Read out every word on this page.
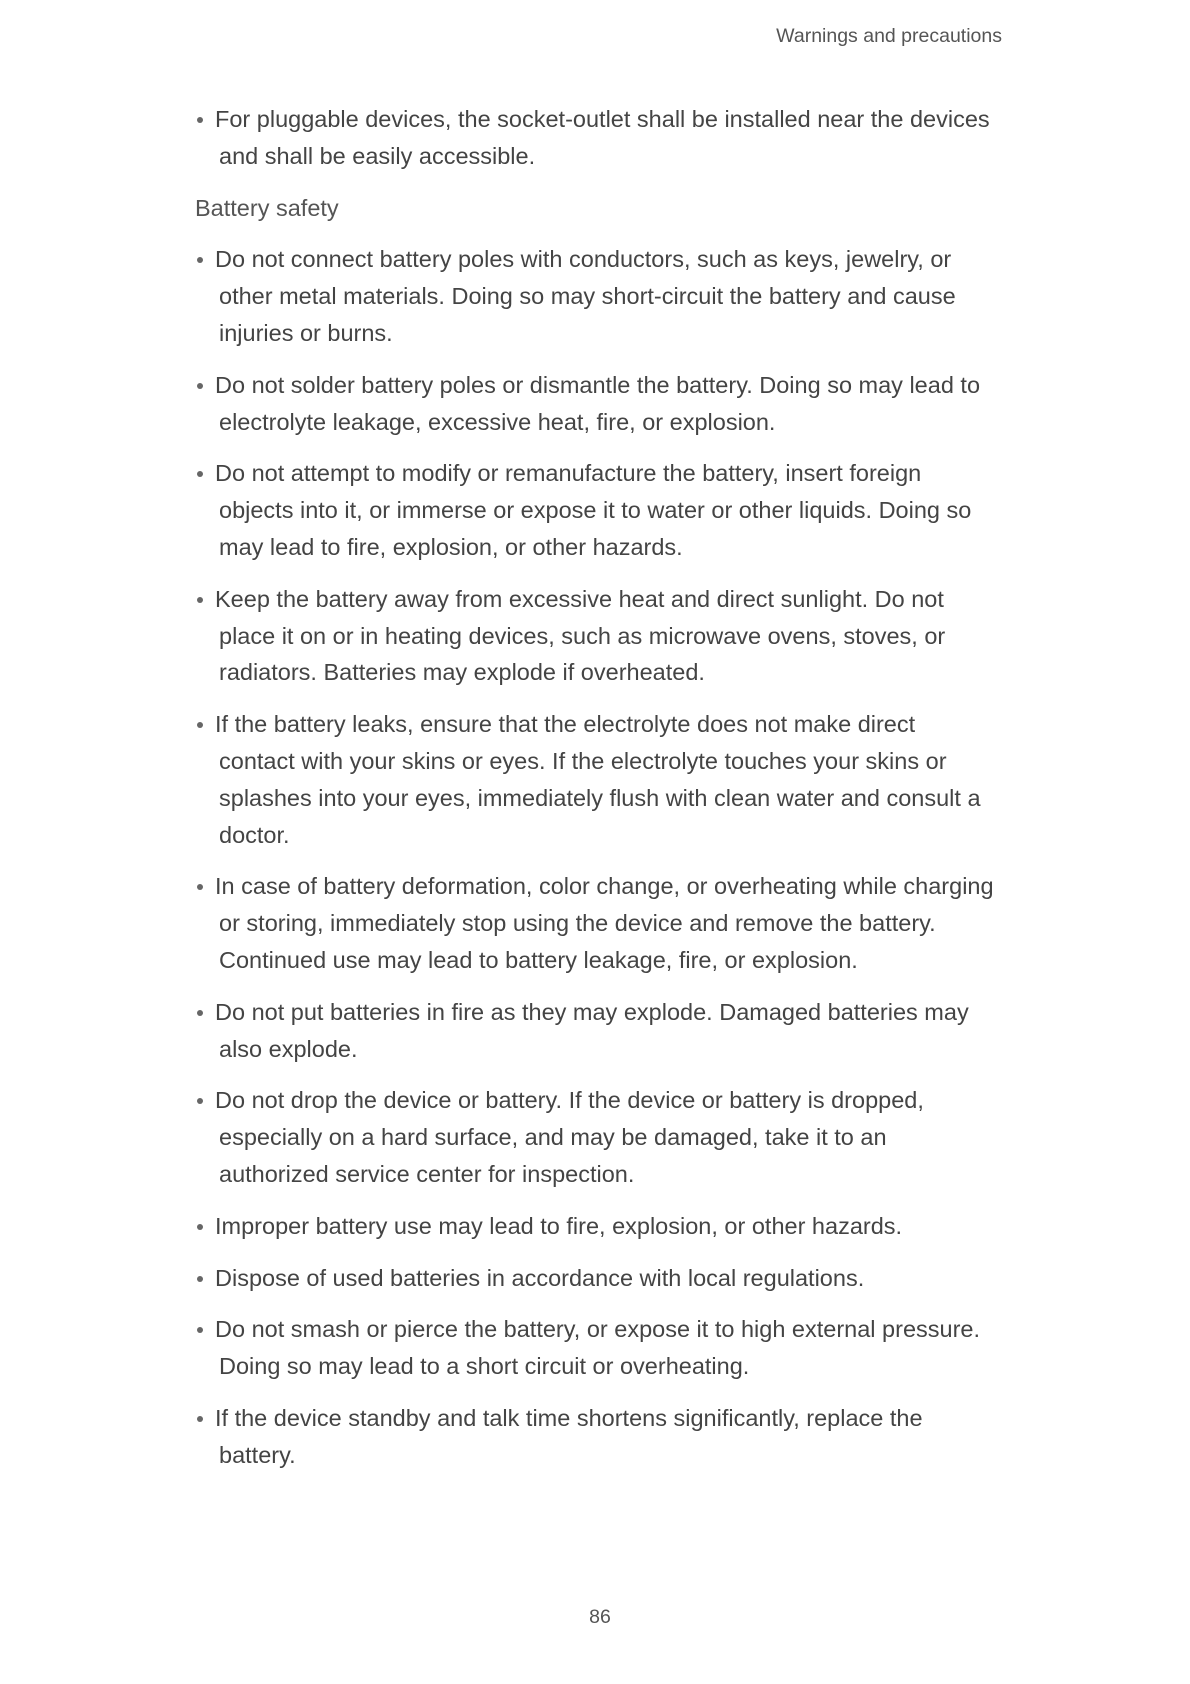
Warnings and precautions
For pluggable devices, the socket-outlet shall be installed near the devices
and shall be easily accessible.
Battery safety
Do not connect battery poles with conductors, such as keys, jewelry, or
other metal materials. Doing so may short-circuit the battery and cause
injuries or burns.
Do not solder battery poles or dismantle the battery. Doing so may lead to
electrolyte leakage, excessive heat, fire, or explosion.
Do not attempt to modify or remanufacture the battery, insert foreign
objects into it, or immerse or expose it to water or other liquids. Doing so
may lead to fire, explosion, or other hazards.
Keep the battery away from excessive heat and direct sunlight. Do not
place it on or in heating devices, such as microwave ovens, stoves, or
radiators. Batteries may explode if overheated.
If the battery leaks, ensure that the electrolyte does not make direct
contact with your skins or eyes. If the electrolyte touches your skins or
splashes into your eyes, immediately flush with clean water and consult a
doctor.
In case of battery deformation, color change, or overheating while charging
or storing, immediately stop using the device and remove the battery.
Continued use may lead to battery leakage, fire, or explosion.
Do not put batteries in fire as they may explode. Damaged batteries may
also explode.
Do not drop the device or battery. If the device or battery is dropped,
especially on a hard surface, and may be damaged, take it to an
authorized service center for inspection.
Improper battery use may lead to fire, explosion, or other hazards.
Dispose of used batteries in accordance with local regulations.
Do not smash or pierce the battery, or expose it to high external pressure.
Doing so may lead to a short circuit or overheating.
If the device standby and talk time shortens significantly, replace the
battery.
86
